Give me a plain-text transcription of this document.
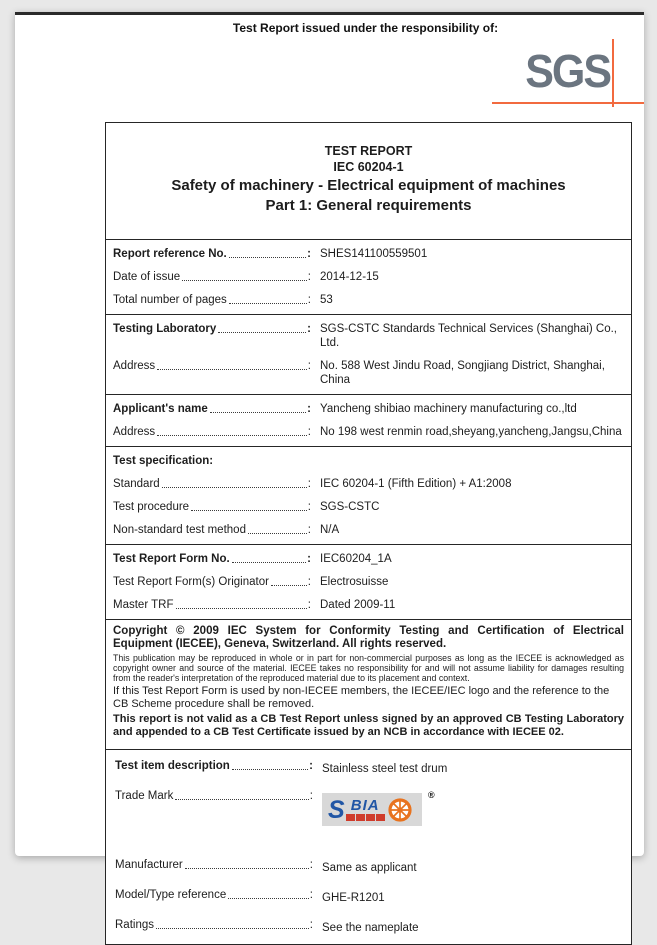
Test Report issued under the responsibility of:
SGS
TEST REPORT
IEC 60204-1
Safety of machinery - Electrical equipment of machines
Part 1: General requirements
Report reference No.	: SHES141100559501
Date of issue	: 2014-12-15
Total number of pages	: 53
Testing Laboratory	: SGS-CSTC Standards Technical Services (Shanghai) Co., Ltd.
Address	: No. 588 West Jindu Road, Songjiang District, Shanghai, China
Applicant's name	: Yancheng shibiao machinery manufacturing co.,ltd
Address	: No 198 west renmin road,sheyang,yancheng,Jangsu,China
Test specification:
Standard	: IEC 60204-1 (Fifth Edition) + A1:2008
Test procedure	: SGS-CSTC
Non-standard test method	: N/A
Test Report Form No.	: IEC60204_1A
Test Report Form(s) Originator	: Electrosuisse
Master TRF	: Dated 2009-11

Copyright © 2009 IEC System for Conformity Testing and Certification of Electrical Equipment (IECEE), Geneva, Switzerland. All rights reserved.

This publication may be reproduced in whole or in part for non-commercial purposes as long as the IECEE is acknowledged as copyright owner and source of the material. IECEE takes no responsibility for and will not assume liability for damages resulting from the reader's interpretation of the reproduced material due to its placement and context.

If this Test Report Form is used by non-IECEE members, the IECEE/IEC logo and the reference to the CB Scheme procedure shall be removed.

This report is not valid as a CB Test Report unless signed by an approved CB Testing Laboratory and appended to a CB Test Certificate issued by an NCB in accordance with IECEE 02.

Test item description	: Stainless steel test drum
Trade Mark	: S BIA
®
Manufacturer	: Same as applicant
Model/Type reference	: GHE-R1201
Ratings	: See the nameplate
